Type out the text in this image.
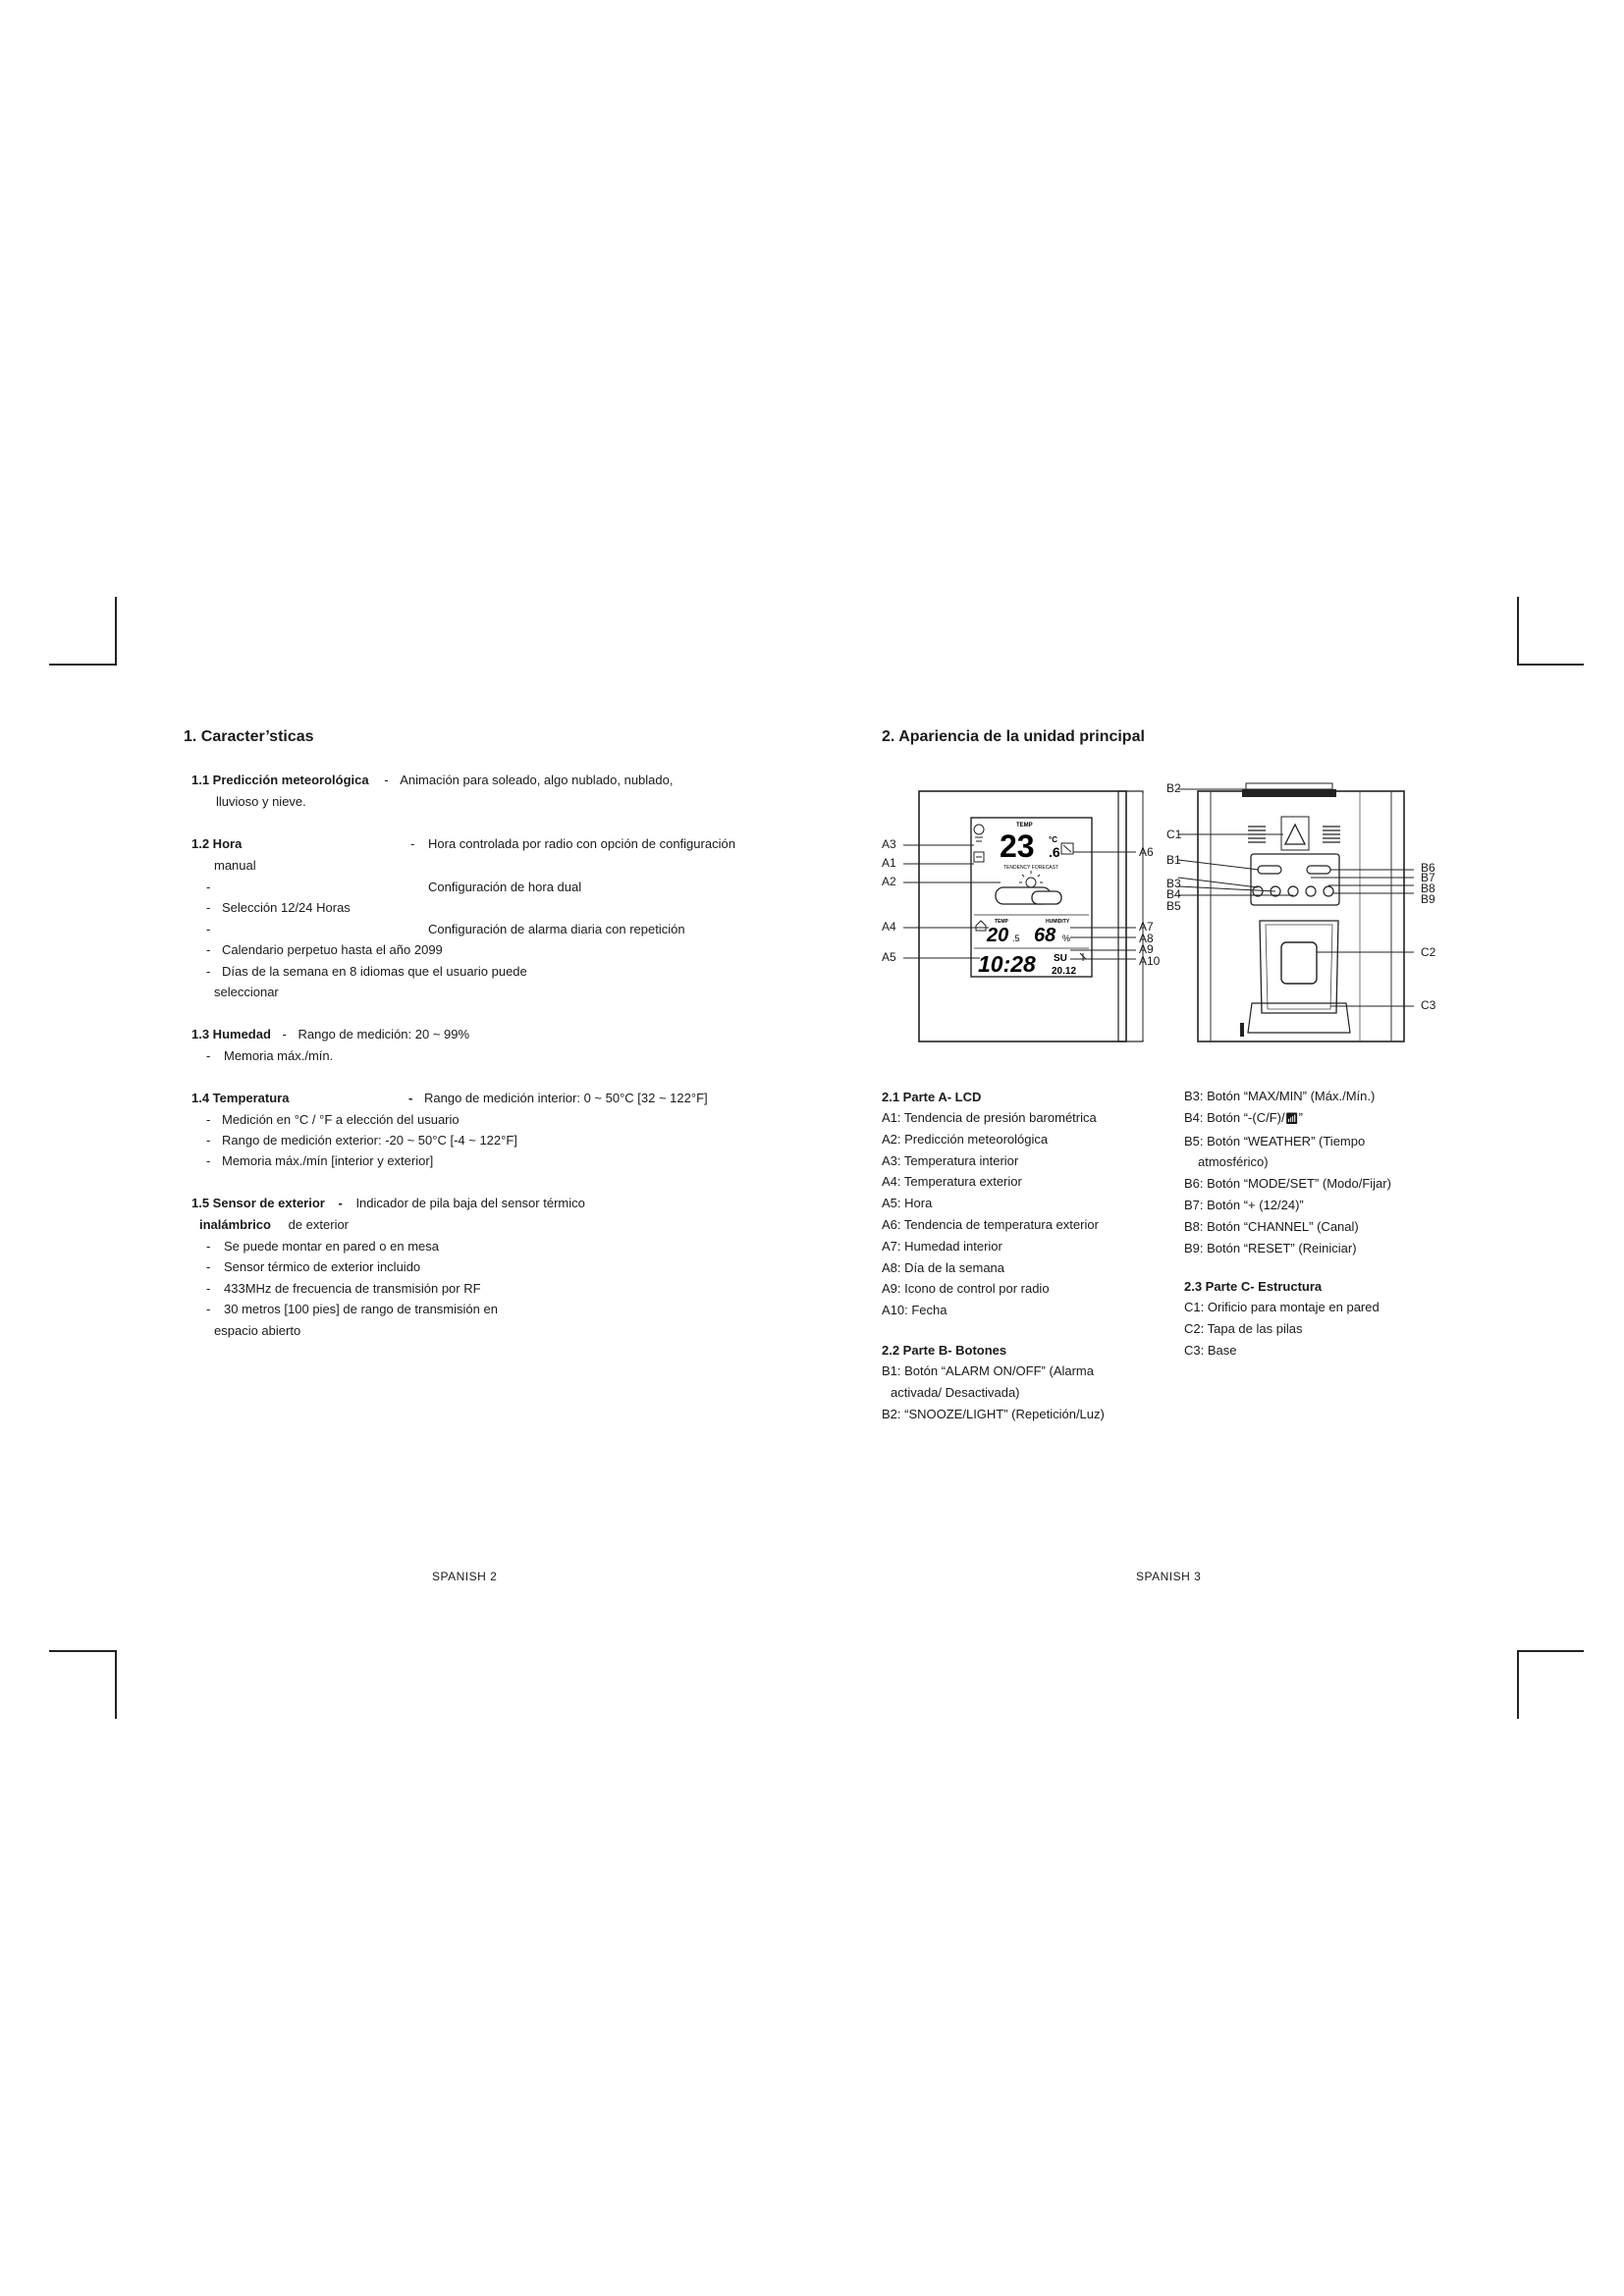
1. Caracter’sticas
1.1 Predicción meteorológica - Animación para soleado, algo nublado, nublado,
lluvioso y nieve.
1.2 Hora	- Hora controlada por radio con opción de configuración
manual
-	Configuración de hora dual
- Selección 12/24 Horas
-	Configuración de alarma diaria con repetición
- Calendario perpetuo hasta el año 2099
- Días de la semana en 8 idiomas que el usuario puede
seleccionar
1.3 Humedad - Rango de medición: 20 ~ 99%
- Memoria máx./mín.
1.4 Temperatura	- Rango de medición interior: 0 ~ 50°C [32 ~ 122°F]
- Medición en °C / °F a elección del usuario
- Rango de medición exterior: -20 ~ 50°C [-4 ~ 122°F]
- Memoria máx./mín [interior y exterior]
1.5 Sensor de exterior - Indicador de pila baja del sensor térmico
inalámbrico de exterior
- Se puede montar en pared o en mesa
- Sensor térmico de exterior incluido
- 433MHz de frecuencia de transmisión por RF
- 30 metros [100 pies] de rango de transmisión en
espacio abierto
SPANISH 2
2. Apariencia de la unidad principal
TEMP
23 .6
°C
TENDENCY FORECAST
TEMP	HUMIDITY
20 .5 68 %
10:28 SU
20.12
A3
A1
A2
A4
A5
A6
A7
A8
A9
A10
B2
C1
B1
B3
B4
B5
B6
B7
B8
B9
C2
C3
2.1 Parte A- LCD
A1: Tendencia de presión barométrica
A2: Predicción meteorológica
A3: Temperatura interior
A4: Temperatura exterior
A5: Hora
A6: Tendencia de temperatura exterior
A7: Humedad interior
A8: Día de la semana
A9: Icono de control por radio
A10: Fecha
2.2 Parte B- Botones
B1: Botón “ALARM ON/OFF” (Alarma
activada/ Desactivada)
B2: “SNOOZE/LIGHT” (Repetición/Luz)
B3: Botón “MAX/MIN” (Máx./Mín.)
B4: Botón “-(C/F)/📶︎”
B5: Botón “WEATHER” (Tiempo
atmosférico)
B6: Botón “MODE/SET” (Modo/Fijar)
B7: Botón “+ (12/24)”
B8: Botón “CHANNEL” (Canal)
B9: Botón “RESET” (Reiniciar)
2.3 Parte C- Estructura
C1: Orificio para montaje en pared
C2: Tapa de las pilas
C3: Base
SPANISH 3
